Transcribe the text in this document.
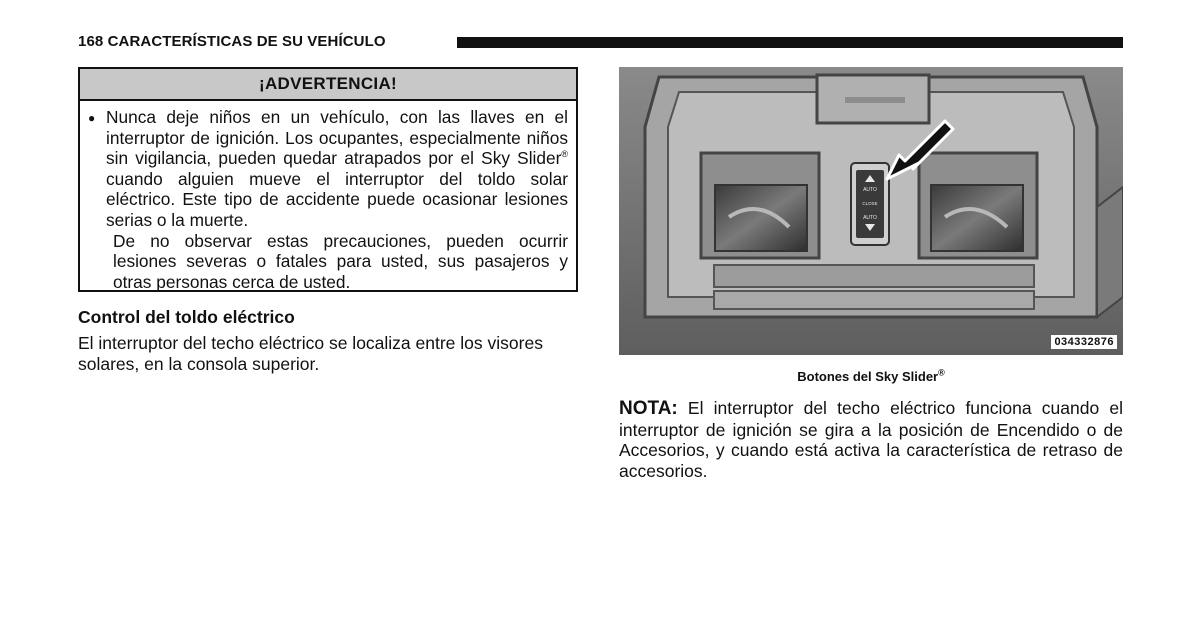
168 CARACTERÍSTICAS DE SU VEHÍCULO
¡ADVERTENCIA!
● Nunca deje niños en un vehículo, con las llaves en el interruptor de ignición. Los ocupantes, especialmente niños sin vigilancia, pueden quedar atrapados por el Sky Slider® cuando alguien mueve el interruptor del toldo solar eléctrico. Este tipo de accidente puede ocasionar lesiones serias o la muerte.
De no observar estas precauciones, pueden ocurrir lesiones severas o fatales para usted, sus pasajeros y otras personas cerca de usted.
Control del toldo eléctrico
El interruptor del techo eléctrico se localiza entre los visores solares, en la consola superior.
AUTO
CLOSE
AUTO
034332876
Botones del Sky Slider®
NOTA: El interruptor del techo eléctrico funciona cuando el interruptor de ignición se gira a la posición de Encendido o de Accesorios, y cuando está activa la característica de retraso de accesorios.
